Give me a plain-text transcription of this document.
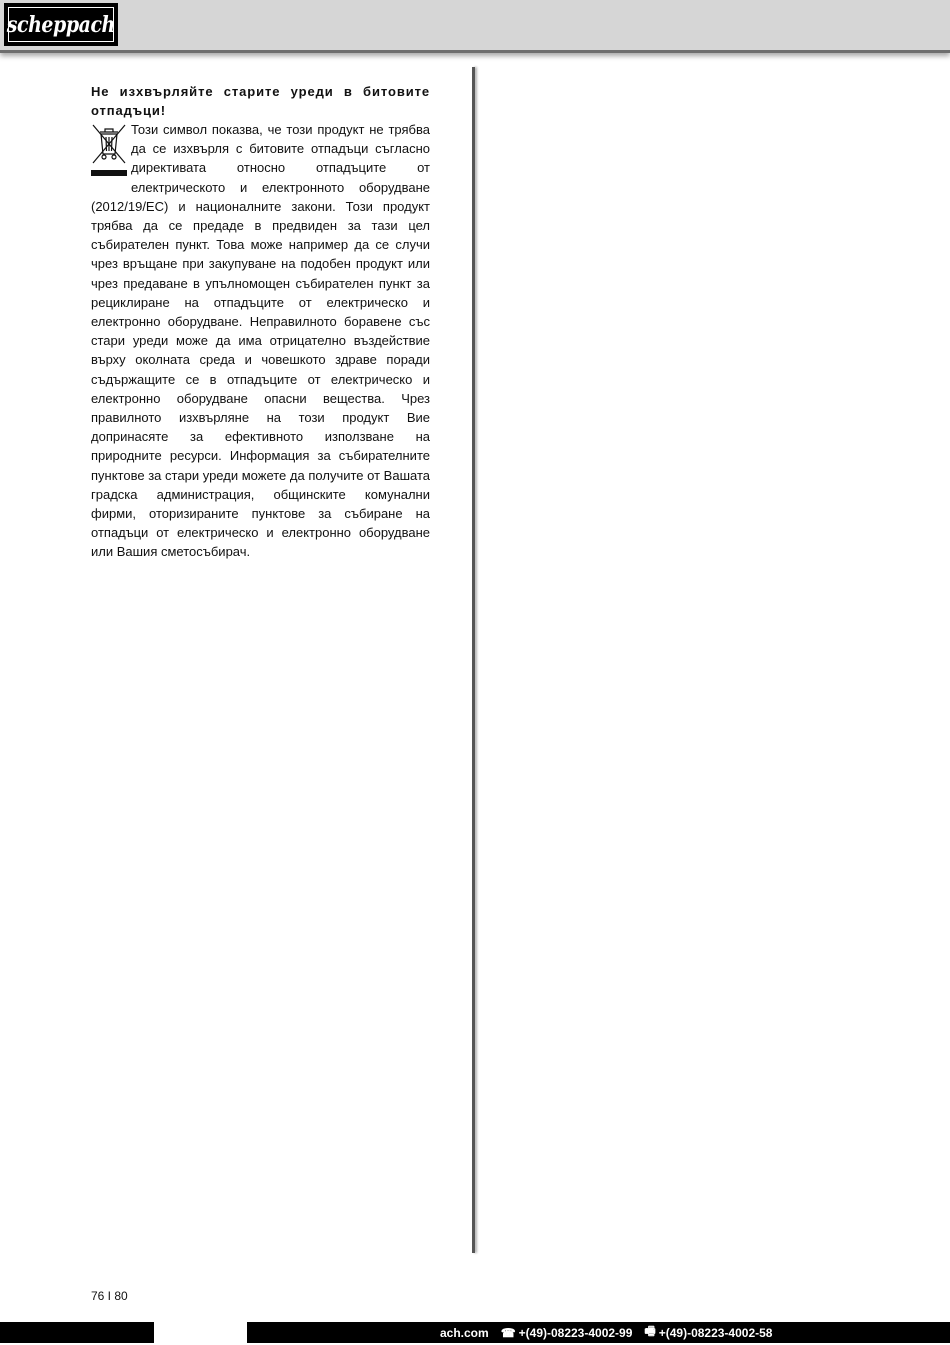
scheppach
Не изхвърляйте старите уреди в битовите отпадъци!

Този символ показва, че този продукт не трябва да се изхвърля с битовите отпадъци съгласно директивата относно отпадъците от електрическото и електронното оборудване (2012/19/ЕС) и националните закони. Този продукт трябва да се предаде в предвиден за тази цел събирателен пункт. Това може например да се случи чрез връщане при закупуване на подобен продукт или чрез предаване в упълномощен събирателен пункт за рециклиране на отпадъците от електрическо и електронно оборудване. Неправилното боравене със стари уреди може да има отрицателно въздействие върху околната среда и човешкото здраве поради съдържащите се в отпадъците от електрическо и електронно оборудване опасни вещества. Чрез правилното изхвърляне на този продукт Вие допринасяте за ефективното използване на природните ресурси. Информация за събирателните пунктове за стари уреди можете да получите от Вашата градска администрация, общинските комунални фирми, оторизираните пунктове за събиране на отпадъци от електрическо и електронно оборудване или Вашия сметосъбирач.

76 I 80
ach.com ☎ +(49)-08223-4002-99 🖷 +(49)-08223-4002-58
